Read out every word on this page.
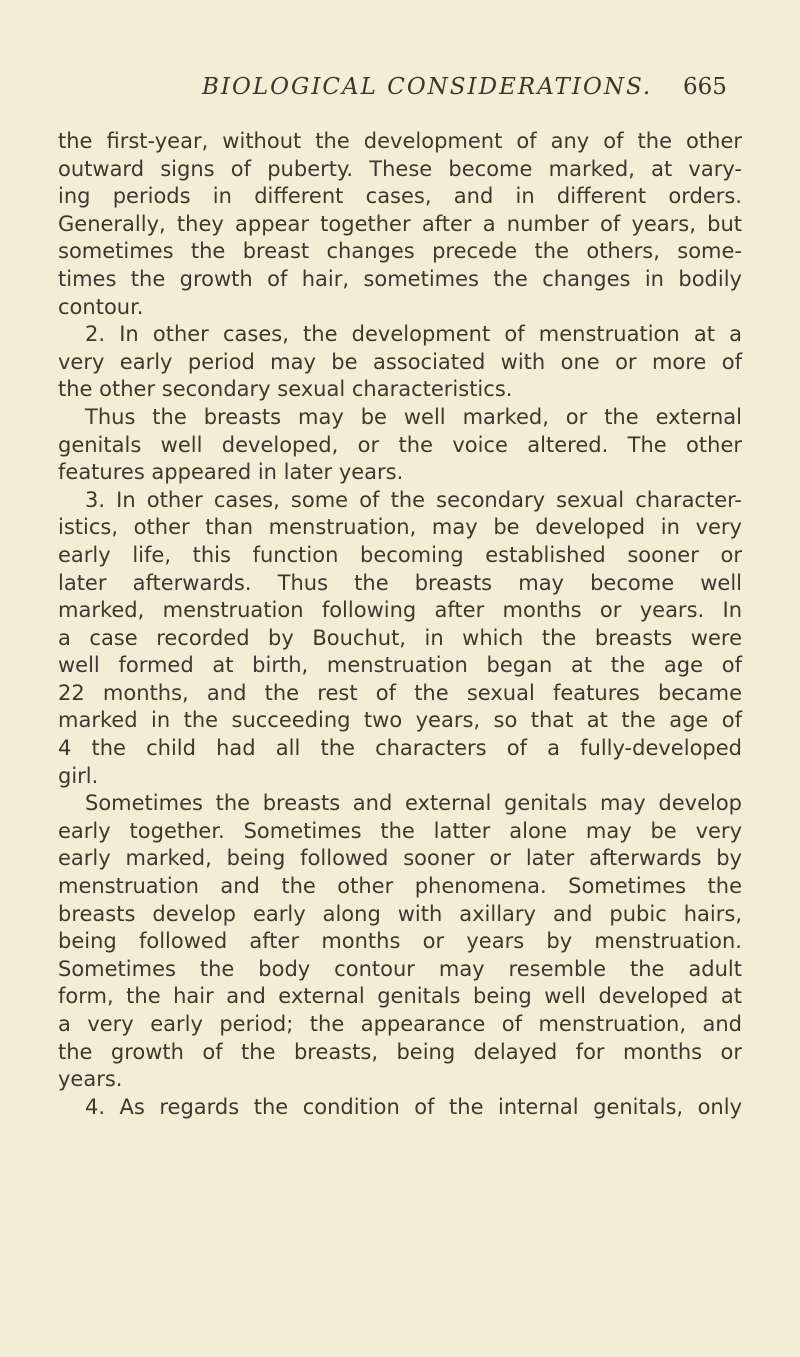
BIOLOGICAL CONSIDERATIONS. 665
the first-year, without the development of any of the other
outward signs of puberty. These become marked, at vary-
ing periods in different cases, and in different orders.
Generally, they appear together after a number of years, but
sometimes the breast changes precede the others, some-
times the growth of hair, sometimes the changes in bodily
contour.
2. In other cases, the development of menstruation at a
very early period may be associated with one or more of
the other secondary sexual characteristics.
Thus the breasts may be well marked, or the external
genitals well developed, or the voice altered. The other
features appeared in later years.
3. In other cases, some of the secondary sexual character-
istics, other than menstruation, may be developed in very
early life, this function becoming established sooner or
later afterwards. Thus the breasts may become well
marked, menstruation following after months or years. In
a case recorded by Bouchut, in which the breasts were
well formed at birth, menstruation began at the age of
22 months, and the rest of the sexual features became
marked in the succeeding two years, so that at the age of
4 the child had all the characters of a fully-developed
girl.
Sometimes the breasts and external genitals may develop
early together. Sometimes the latter alone may be very
early marked, being followed sooner or later afterwards by
menstruation and the other phenomena. Sometimes the
breasts develop early along with axillary and pubic hairs,
being followed after months or years by menstruation.
Sometimes the body contour may resemble the adult
form, the hair and external genitals being well developed at
a very early period; the appearance of menstruation, and
the growth of the breasts, being delayed for months or
years.
4. As regards the condition of the internal genitals, only
